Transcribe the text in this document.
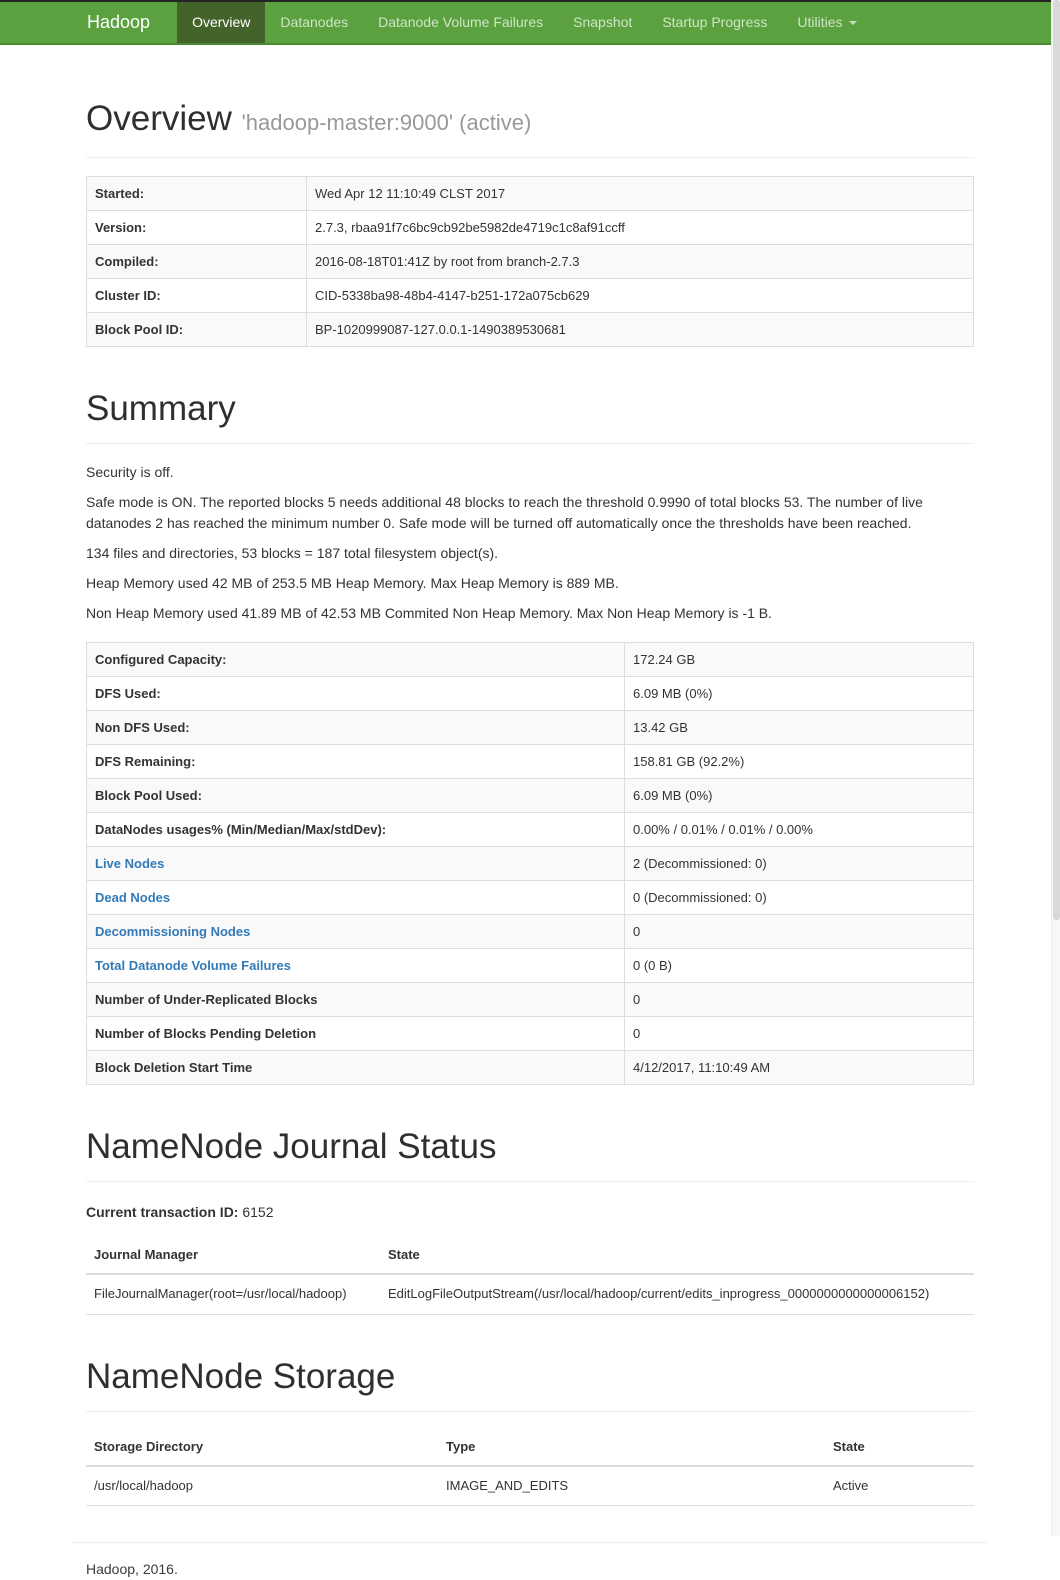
Hadoop	Overview	Datanodes	Datanode Volume Failures	Snapshot	Startup Progress	Utilities
Overview 'hadoop-master:9000' (active)
Started:	Wed Apr 12 11:10:49 CLST 2017
Version:	2.7.3, rbaa91f7c6bc9cb92be5982de4719c1c8af91ccff
Compiled:	2016-08-18T01:41Z by root from branch-2.7.3
Cluster ID:	CID-5338ba98-48b4-4147-b251-172a075cb629
Block Pool ID:	BP-1020999087-127.0.0.1-1490389530681
Summary

Security is off.

Safe mode is ON. The reported blocks 5 needs additional 48 blocks to reach the threshold 0.9990 of total blocks 53. The number of live datanodes 2 has reached the minimum number 0. Safe mode will be turned off automatically once the thresholds have been reached.

134 files and directories, 53 blocks = 187 total filesystem object(s).

Heap Memory used 42 MB of 253.5 MB Heap Memory. Max Heap Memory is 889 MB.

Non Heap Memory used 41.89 MB of 42.53 MB Commited Non Heap Memory. Max Non Heap Memory is -1 B.

Configured Capacity:	172.24 GB
DFS Used:	6.09 MB (0%)
Non DFS Used:	13.42 GB
DFS Remaining:	158.81 GB (92.2%)
Block Pool Used:	6.09 MB (0%)
DataNodes usages% (Min/Median/Max/stdDev):	0.00% / 0.01% / 0.01% / 0.00%
Live Nodes	2 (Decommissioned: 0)
Dead Nodes	0 (Decommissioned: 0)
Decommissioning Nodes	0
Total Datanode Volume Failures	0 (0 B)
Number of Under-Replicated Blocks	0
Number of Blocks Pending Deletion	0
Block Deletion Start Time	4/12/2017, 11:10:49 AM
NameNode Journal Status

Current transaction ID: 6152

Journal Manager	State
FileJournalManager(root=/usr/local/hadoop)	EditLogFileOutputStream(/usr/local/hadoop/current/edits_inprogress_0000000000000006152)
NameNode Storage
Storage Directory	Type	State
/usr/local/hadoop	IMAGE_AND_EDITS	Active

Hadoop, 2016.
